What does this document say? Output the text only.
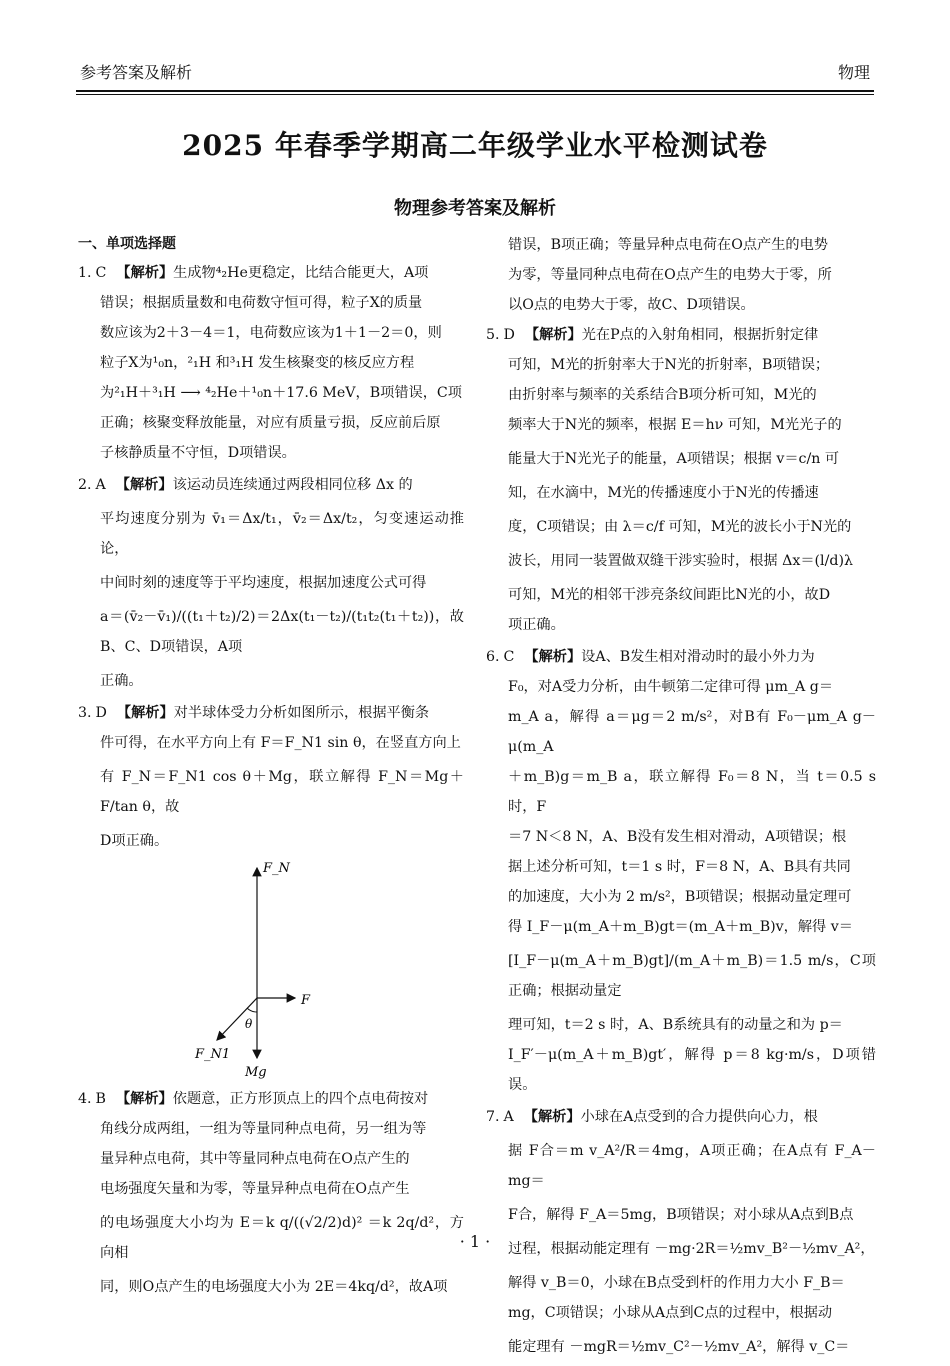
参考答案及解析	物理
2025 年春季学期高二年级学业水平检测试卷
物理参考答案及解析
一、单项选择题
1. C 【解析】生成物⁴₂He更稳定，比结合能更大，A项
错误；根据质量数和电荷数守恒可得，粒子X的质量
数应该为2＋3－4＝1，电荷数应该为1＋1－2＝0，则
粒子X为¹₀n，²₁H 和³₁H 发生核聚变的核反应方程
为²₁H＋³₁H ⟶ ⁴₂He＋¹₀n＋17.6 MeV，B项错误，C项
正确；核聚变释放能量，对应有质量亏损，反应前后原
子核静质量不守恒，D项错误。
2. A 【解析】该运动员连续通过两段相同位移 Δx 的
平均速度分别为 v̄₁＝Δx/t₁，v̄₂＝Δx/t₂，匀变速运动推论，
中间时刻的速度等于平均速度，根据加速度公式可得
a＝(v̄₂－v̄₁)/((t₁＋t₂)/2)＝2Δx(t₁－t₂)/(t₁t₂(t₁＋t₂))，故B、C、D项错误，A项
正确。
3. D 【解析】对半球体受力分析如图所示，根据平衡条
件可得，在水平方向上有 F＝F_N1 sin θ，在竖直方向上
有 F_N＝F_N1 cos θ＋Mg，联立解得 F_N＝Mg＋F/tan θ，故
D项正确。
F_N
F
F_N1
Mg
θ
4. B 【解析】依题意，正方形顶点上的四个点电荷按对
角线分成两组，一组为等量同种点电荷，另一组为等
量异种点电荷，其中等量同种点电荷在O点产生的
电场强度矢量和为零，等量异种点电荷在O点产生
的电场强度大小均为 E＝k q/((√2/2)d)² ＝k 2q/d²，方向相
同，则O点产生的电场强度大小为 2E＝4kq/d²，故A项
错误，B项正确；等量异种点电荷在O点产生的电势
为零，等量同种点电荷在O点产生的电势大于零，所
以O点的电势大于零，故C、D项错误。
5. D 【解析】光在P点的入射角相同，根据折射定律
可知，M光的折射率大于N光的折射率，B项错误；
由折射率与频率的关系结合B项分析可知，M光的
频率大于N光的频率，根据 E＝hν 可知，M光光子的
能量大于N光光子的能量，A项错误；根据 v＝c/n 可
知，在水滴中，M光的传播速度小于N光的传播速
度，C项错误；由 λ＝c/f 可知，M光的波长小于N光的
波长，用同一装置做双缝干涉实验时，根据 Δx＝(l/d)λ
可知，M光的相邻干涉亮条纹间距比N光的小，故D
项正确。
6. C 【解析】设A、B发生相对滑动时的最小外力为
F₀，对A受力分析，由牛顿第二定律可得 μm_A g＝
m_A a，解得 a＝μg＝2 m/s²，对B有 F₀－μm_A g－μ(m_A
＋m_B)g＝m_B a，联立解得 F₀＝8 N，当 t＝0.5 s 时，F
＝7 N＜8 N，A、B没有发生相对滑动，A项错误；根
据上述分析可知，t＝1 s 时，F＝8 N，A、B具有共同
的加速度，大小为 2 m/s²，B项错误；根据动量定理可
得 I_F－μ(m_A＋m_B)gt＝(m_A＋m_B)v，解得 v＝
[I_F－μ(m_A＋m_B)gt]/(m_A＋m_B)＝1.5 m/s，C项正确；根据动量定
理可知，t＝2 s 时，A、B系统具有的动量之和为 p＝
I_F′－μ(m_A＋m_B)gt′，解得 p＝8 kg·m/s，D项错误。
7. A 【解析】小球在A点受到的合力提供向心力，根
据 F合＝m v_A²/R＝4mg，A项正确；在A点有 F_A－mg＝
F合，解得 F_A＝5mg，B项错误；对小球从A点到B点
过程，根据动能定理有 －mg·2R＝½mv_B²－½mv_A²，
解得 v_B＝0，小球在B点受到杆的作用力大小 F_B＝
mg，C项错误；小球从A点到C点的过程中，根据动
能定理有 －mgR＝½mv_C²－½mv_A²，解得 v_C＝
· 1 ·
